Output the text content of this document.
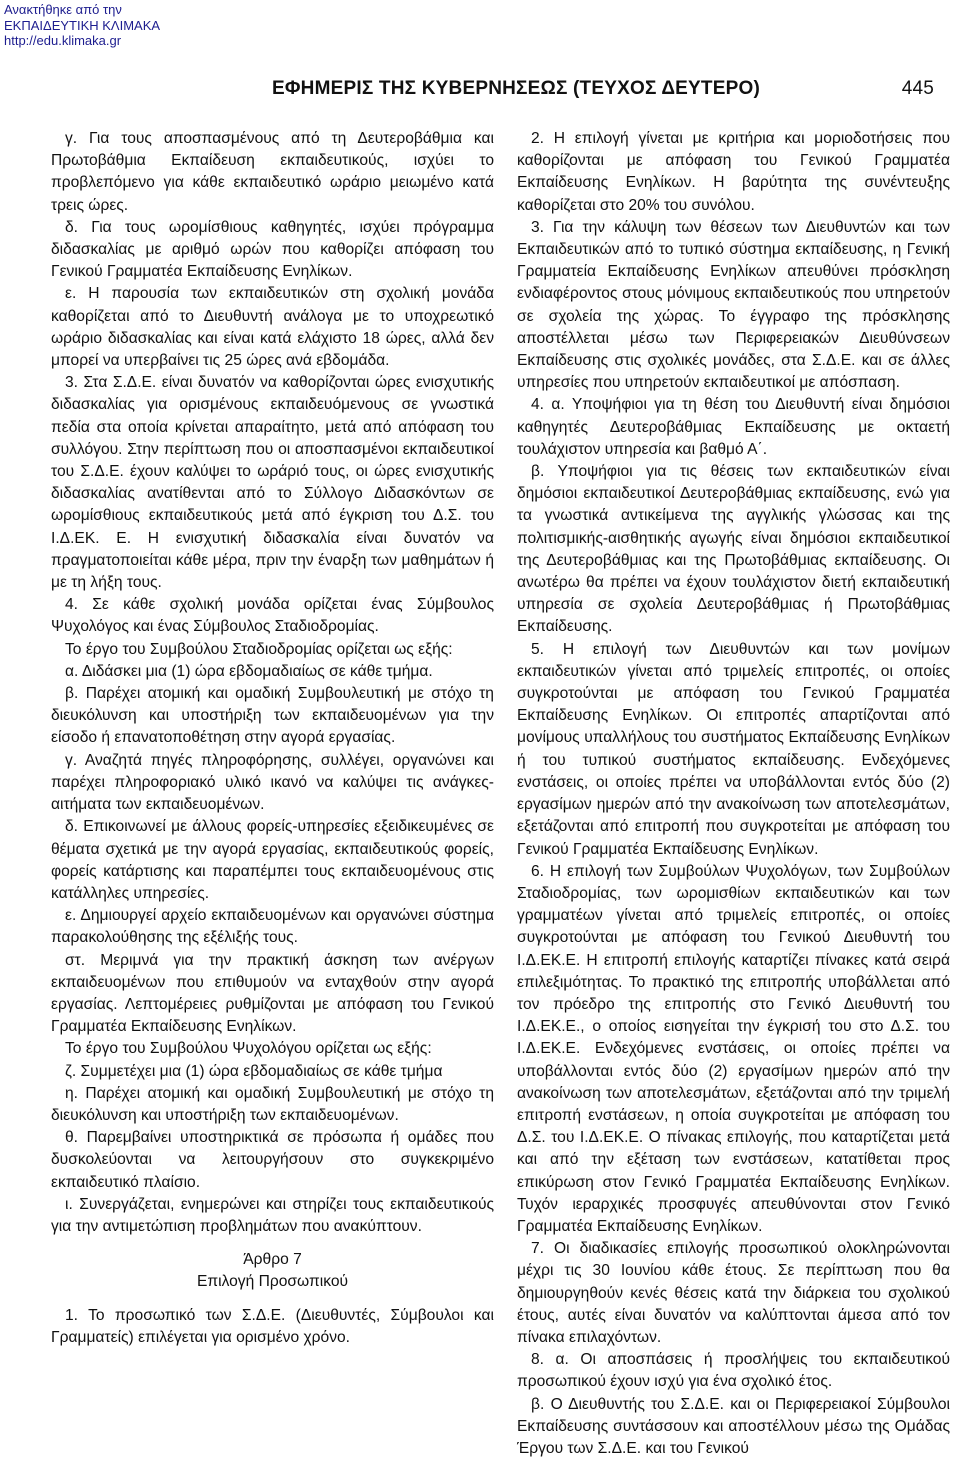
Ανακτήθηκε από την
ΕΚΠΑΙΔΕΥΤΙΚΗ ΚΛΙΜΑΚΑ
http://edu.klimaka.gr
ΕΦΗΜΕΡΙΣ ΤΗΣ ΚΥΒΕΡΝΗΣΕΩΣ (ΤΕΥΧΟΣ ΔΕΥΤΕΡΟ)	445

γ. Για τους αποσπασμένους από τη Δευτεροβάθμια και Πρωτοβάθμια Εκπαίδευση εκπαιδευτικούς, ισχύει το προβλεπόμενο για κάθε εκπαιδευτικό ωράριο μειωμένο κατά τρεις ώρες.

δ. Για τους ωρομίσθιους καθηγητές, ισχύει πρόγραμμα διδασκαλίας με αριθμό ωρών που καθορίζει απόφαση του Γενικού Γραμματέα Εκπαίδευσης Ενηλίκων.

ε. Η παρουσία των εκπαιδευτικών στη σχολική μονάδα καθορίζεται από το Διευθυντή ανάλογα με το υποχρεωτικό ωράριο διδασκαλίας και είναι κατά ελάχιστο 18 ώρες, αλλά δεν μπορεί να υπερβαίνει τις 25 ώρες ανά εβδομάδα.

3. Στα Σ.Δ.Ε. είναι δυνατόν να καθορίζονται ώρες ενισχυτικής διδασκαλίας για ορισμένους εκπαιδευόμενους σε γνωστικά πεδία στα οποία κρίνεται απαραίτητο, μετά από απόφαση του συλλόγου. Στην περίπτωση που οι αποσπασμένοι εκπαιδευτικοί του Σ.Δ.Ε. έχουν καλύψει το ωράριό τους, οι ώρες ενισχυτικής διδασκαλίας ανατίθενται από το Σύλλογο Διδασκόντων σε ωρομίσθιους εκπαιδευτικούς μετά από έγκριση του Δ.Σ. του Ι.Δ.ΕΚ. Ε. Η ενισχυτική διδασκαλία είναι δυνατόν να πραγματοποιείται κάθε μέρα, πριν την έναρξη των μαθημάτων ή με τη λήξη τους.

4. Σε κάθε σχολική μονάδα ορίζεται ένας Σύμβουλος Ψυχολόγος και ένας Σύμβουλος Σταδιοδρομίας.

Το έργο του Συμβούλου Σταδιοδρομίας ορίζεται ως εξής:

α. Διδάσκει μια (1) ώρα εβδομαδιαίως σε κάθε τμήμα.

β. Παρέχει ατομική και ομαδική Συμβουλευτική με στόχο τη διευκόλυνση και υποστήριξη των εκπαιδευομένων για την είσοδο ή επανατοποθέτηση στην αγορά εργασίας.

γ. Αναζητά πηγές πληροφόρησης, συλλέγει, οργανώνει και παρέχει πληροφοριακό υλικό ικανό να καλύψει τις ανάγκες-αιτήματα των εκπαιδευομένων.

δ. Επικοινωνεί με άλλους φορείς-υπηρεσίες εξειδικευμένες σε θέματα σχετικά με την αγορά εργασίας, εκπαιδευτικούς φορείς, φορείς κατάρτισης και παραπέμπει τους εκπαιδευομένους στις κατάλληλες υπηρεσίες.

ε. Δημιουργεί αρχείο εκπαιδευομένων και οργανώνει σύστημα παρακολούθησης της εξέλιξής τους.

στ. Μεριμνά για την πρακτική άσκηση των ανέργων εκπαιδευομένων που επιθυμούν να ενταχθούν στην αγορά εργασίας. Λεπτομέρειες ρυθμίζονται με απόφαση του Γενικού Γραμματέα Εκπαίδευσης Ενηλίκων.

Το έργο του Συμβούλου Ψυχολόγου ορίζεται ως εξής:

ζ. Συμμετέχει μια (1) ώρα εβδομαδιαίως σε κάθε τμήμα

η. Παρέχει ατομική και ομαδική Συμβουλευτική με στόχο τη διευκόλυνση και υποστήριξη των εκπαιδευομένων.

θ. Παρεμβαίνει υποστηρικτικά σε πρόσωπα ή ομάδες που δυσκολεύονται να λειτουργήσουν στο συγκεκριμένο εκπαιδευτικό πλαίσιο.

ι. Συνεργάζεται, ενημερώνει και στηρίζει τους εκπαιδευτικούς για την αντιμετώπιση προβλημάτων που ανακύπτουν.

Άρθρο 7

Επιλογή Προσωπικού

1. Το προσωπικό των Σ.Δ.Ε. (Διευθυντές, Σύμβουλοι και Γραμματείς) επιλέγεται για ορισμένο χρόνο.

2. Η επιλογή γίνεται με κριτήρια και μοριοδοτήσεις που καθορίζονται με απόφαση του Γενικού Γραμματέα Εκπαίδευσης Ενηλίκων. Η βαρύτητα της συνέντευξης καθορίζεται στο 20% του συνόλου.

3. Για την κάλυψη των θέσεων των Διευθυντών και των Εκπαιδευτικών από το τυπικό σύστημα εκπαίδευσης, η Γενική Γραμματεία Εκπαίδευσης Ενηλίκων απευθύνει πρόσκληση ενδιαφέροντος στους μόνιμους εκπαιδευτικούς που υπηρετούν σε σχολεία της χώρας. Το έγγραφο της πρόσκλησης αποστέλλεται μέσω των Περιφερειακών Διευθύνσεων Εκπαίδευσης στις σχολικές μονάδες, στα Σ.Δ.Ε. και σε άλλες υπηρεσίες που υπηρετούν εκπαιδευτικοί με απόσπαση.

4. α. Υποψήφιοι για τη θέση του Διευθυντή είναι δημόσιοι καθηγητές Δευτεροβάθμιας Εκπαίδευσης με οκταετή τουλάχιστον υπηρεσία και βαθμό Α΄.

β. Υποψήφιοι για τις θέσεις των εκπαιδευτικών είναι δημόσιοι εκπαιδευτικοί Δευτεροβάθμιας εκπαίδευσης, ενώ για τα γνωστικά αντικείμενα της αγγλικής γλώσσας και της πολιτισμικής-αισθητικής αγωγής είναι δημόσιοι εκπαιδευτικοί της Δευτεροβάθμιας και της Πρωτοβάθμιας εκπαίδευσης. Οι ανωτέρω θα πρέπει να έχουν τουλάχιστον διετή εκπαιδευτική υπηρεσία σε σχολεία Δευτεροβάθμιας ή Πρωτοβάθμιας Εκπαίδευσης.

5. Η επιλογή των Διευθυντών και των μονίμων εκπαιδευτικών γίνεται από τριμελείς επιτροπές, οι οποίες συγκροτούνται με απόφαση του Γενικού Γραμματέα Εκπαίδευσης Ενηλίκων. Οι επιτροπές απαρτίζονται από μονίμους υπαλλήλους του συστήματος Εκπαίδευσης Ενηλίκων ή του τυπικού συστήματος εκπαίδευσης. Ενδεχόμενες ενστάσεις, οι οποίες πρέπει να υποβάλλονται εντός δύο (2) εργασίμων ημερών από την ανακοίνωση των αποτελεσμάτων, εξετάζονται από επιτροπή που συγκροτείται με απόφαση του Γενικού Γραμματέα Εκπαίδευσης Ενηλίκων.

6. Η επιλογή των Συμβούλων Ψυχολόγων, των Συμβούλων Σταδιοδρομίας, των ωρομισθίων εκπαιδευτικών και των γραμματέων γίνεται από τριμελείς επιτροπές, οι οποίες συγκροτούνται με απόφαση του Γενικού Διευθυντή του Ι.Δ.ΕΚ.Ε. Η επιτροπή επιλογής καταρτίζει πίνακες κατά σειρά επιλεξιμότητας. Το πρακτικό της επιτροπής υποβάλλεται από τον πρόεδρο της επιτροπής στο Γενικό Διευθυντή του Ι.Δ.ΕΚ.Ε., ο οποίος εισηγείται την έγκρισή του στο Δ.Σ. του Ι.Δ.ΕΚ.Ε. Ενδεχόμενες ενστάσεις, οι οποίες πρέπει να υποβάλλονται εντός δύο (2) εργασίμων ημερών από την ανακοίνωση των αποτελεσμάτων, εξετάζονται από την τριμελή επιτροπή ενστάσεων, η οποία συγκροτείται με απόφαση του Δ.Σ. του Ι.Δ.ΕΚ.Ε. Ο πίνακας επιλογής, που καταρτίζεται μετά και από την εξέταση των ενστάσεων, κατατίθεται προς επικύρωση στον Γενικό Γραμματέα Εκπαίδευσης Ενηλίκων. Τυχόν ιεραρχικές προσφυγές απευθύνονται στον Γενικό Γραμματέα Εκπαίδευσης Ενηλίκων.

7. Οι διαδικασίες επιλογής προσωπικού ολοκληρώνονται μέχρι τις 30 Ιουνίου κάθε έτους. Σε περίπτωση που θα δημιουργηθούν κενές θέσεις κατά την διάρκεια του σχολικού έτους, αυτές είναι δυνατόν να καλύπτονται άμεσα από τον πίνακα επιλαχόντων.

8. α. Οι αποσπάσεις ή προσλήψεις του εκπαιδευτικού προσωπικού έχουν ισχύ για ένα σχολικό έτος.

β. Ο Διευθυντής του Σ.Δ.Ε. και οι Περιφερειακοί Σύμβουλοι Εκπαίδευσης συντάσσουν και αποστέλλουν μέσω της Ομάδας Έργου των Σ.Δ.Ε. και του Γενικού
